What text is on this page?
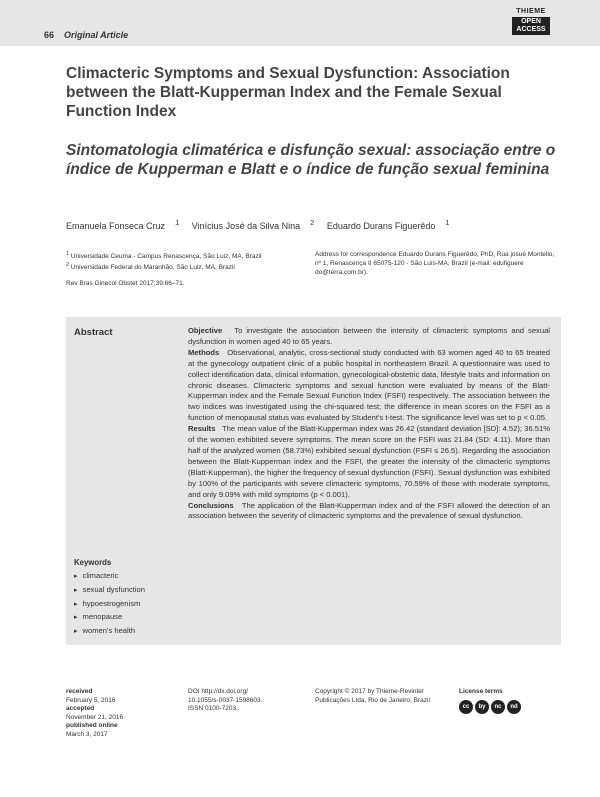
66 Original Article
THIEME
OPEN
ACCESS
Climacteric Symptoms and Sexual Dysfunction: Association between the Blatt-Kupperman Index and the Female Sexual Function Index
Sintomatologia climatérica e disfunção sexual: associação entre o índice de Kupperman e Blatt e o índice de função sexual feminina
Emanuela Fonseca Cruz $^1$ Vinícius José da Silva Nina $^2$ Eduardo Durans Figuerêdo $^1$
$^1$ Universidade Ceuma - Campus Renascença, São Luiz, MA, Brazil
$^2$ Universidade Federal do Maranhão, São Luiz, MA, Brazil
Address for correspondence Eduardo Durans Figuerêdo, PhD, Rua josué Montello, nº 1, Renascença II 65075-120 - São Luís-MA, Brazil (e-mail: edufiguere do@terra.com.br).
Rev Bras Ginecol Obstet 2017;39:66–71.
Abstract	Objective To investigate the association between the intensity of climacteric symptoms and sexual dysfunction in women aged 40 to 65 years.

Methods Observational, analytic, cross-sectional study conducted with 63 women aged 40 to 65 treated at the gynecology outpatient clinic of a public hospital in northeastern Brazil. A questionnaire was used to collect identification data, clinical information, gynecological-obstetric data, lifestyle traits and information on chronic diseases. Climacteric symptoms and sexual function were evaluated by means of the Blatt-Kupperman index and the Female Sexual Function Index (FSFI) respectively. The association between the two indices was investigated using the chi-squared test; the difference in mean scores on the FSFI as a function of menopausal status was evaluated by Student's t-test. The significance level was set to p < 0.05.

Results The mean value of the Blatt-Kupperman index was 26.42 (standard deviation [SD]: 4.52); 36.51% of the women exhibited severe symptoms. The mean score on the FSFI was 21.84 (SD: 4.11). More than half of the analyzed women (58.73%) exhibited sexual dysfunction (FSFI ≤ 26.5). Regarding the association between the Blatt-Kupperman index and the FSFI, the greater the intensity of the climacteric symptoms (Blatt-Kupperman), the higher the frequency of sexual dysfunction (FSFI). Sexual dysfunction was exhibited by 100% of the participants with severe climacteric symptoms, 70.59% of those with moderate symptoms, and only 9.09% with mild symptoms (p < 0.001).

Conclusions The application of the Blatt-Kupperman index and of the FSFI allowed the detection of an association between the severity of climacteric symptoms and the prevalence of sexual dysfunction.

Keywords
▸ climacteric
▸ sexual dysfunction
▸ hypoestrogenism
▸ menopause
▸ women's health
received
February 5, 2016
accepted
November 21, 2016
published online
March 3, 2017
DOI http://dx.doi.org/
10.1055/s-0037-1598603.
ISSN 0100-7203.
Copyright © 2017 by Thieme-Revinter
Publicações Ltda, Rio de Janeiro, Brazil
License terms
cc	by	nc	nd
